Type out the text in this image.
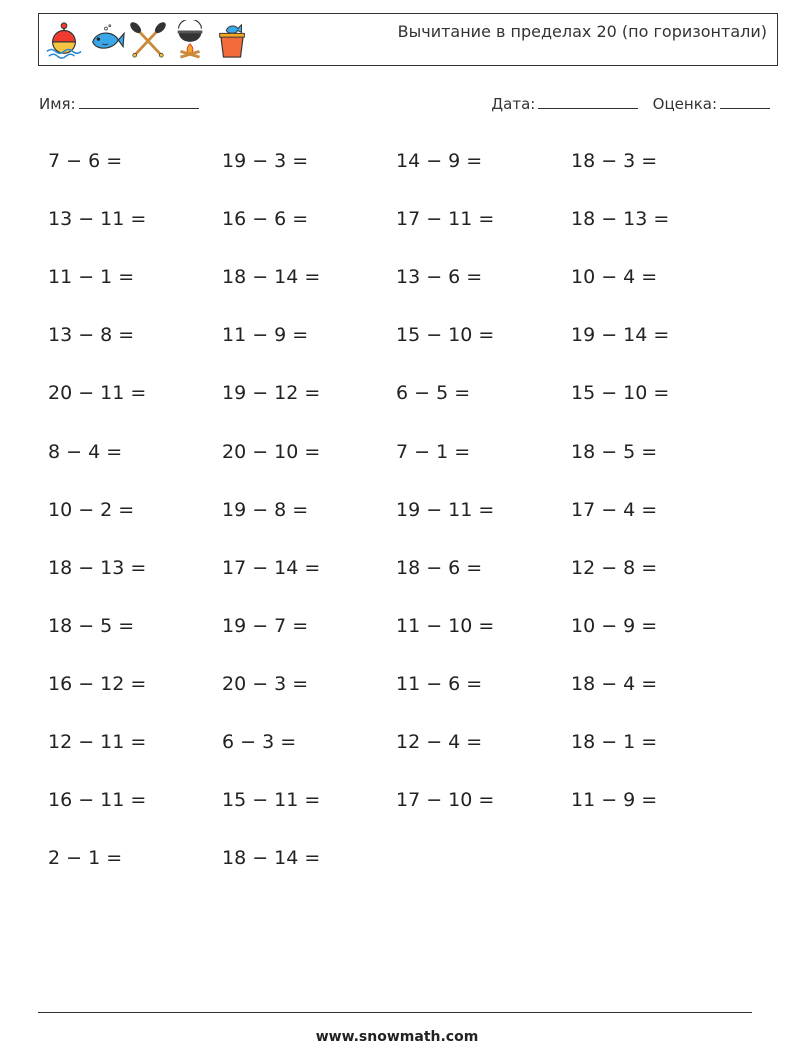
Вычитание в пределах 20 (по горизонтали)
Имя:	Дата:	Оценка:
7 − 6 =	19 − 3 =	14 − 9 =	18 − 3 =
13 − 11 =	16 − 6 =	17 − 11 =	18 − 13 =
11 − 1 =	18 − 14 =	13 − 6 =	10 − 4 =
13 − 8 =	11 − 9 =	15 − 10 =	19 − 14 =
20 − 11 =	19 − 12 =	6 − 5 =	15 − 10 =
8 − 4 =	20 − 10 =	7 − 1 =	18 − 5 =
10 − 2 =	19 − 8 =	19 − 11 =	17 − 4 =
18 − 13 =	17 − 14 =	18 − 6 =	12 − 8 =
18 − 5 =	19 − 7 =	11 − 10 =	10 − 9 =
16 − 12 =	20 − 3 =	11 − 6 =	18 − 4 =
12 − 11 =	6 − 3 =	12 − 4 =	18 − 1 =
16 − 11 =	15 − 11 =	17 − 10 =	11 − 9 =
2 − 1 =	18 − 14 =
www.snowmath.com
